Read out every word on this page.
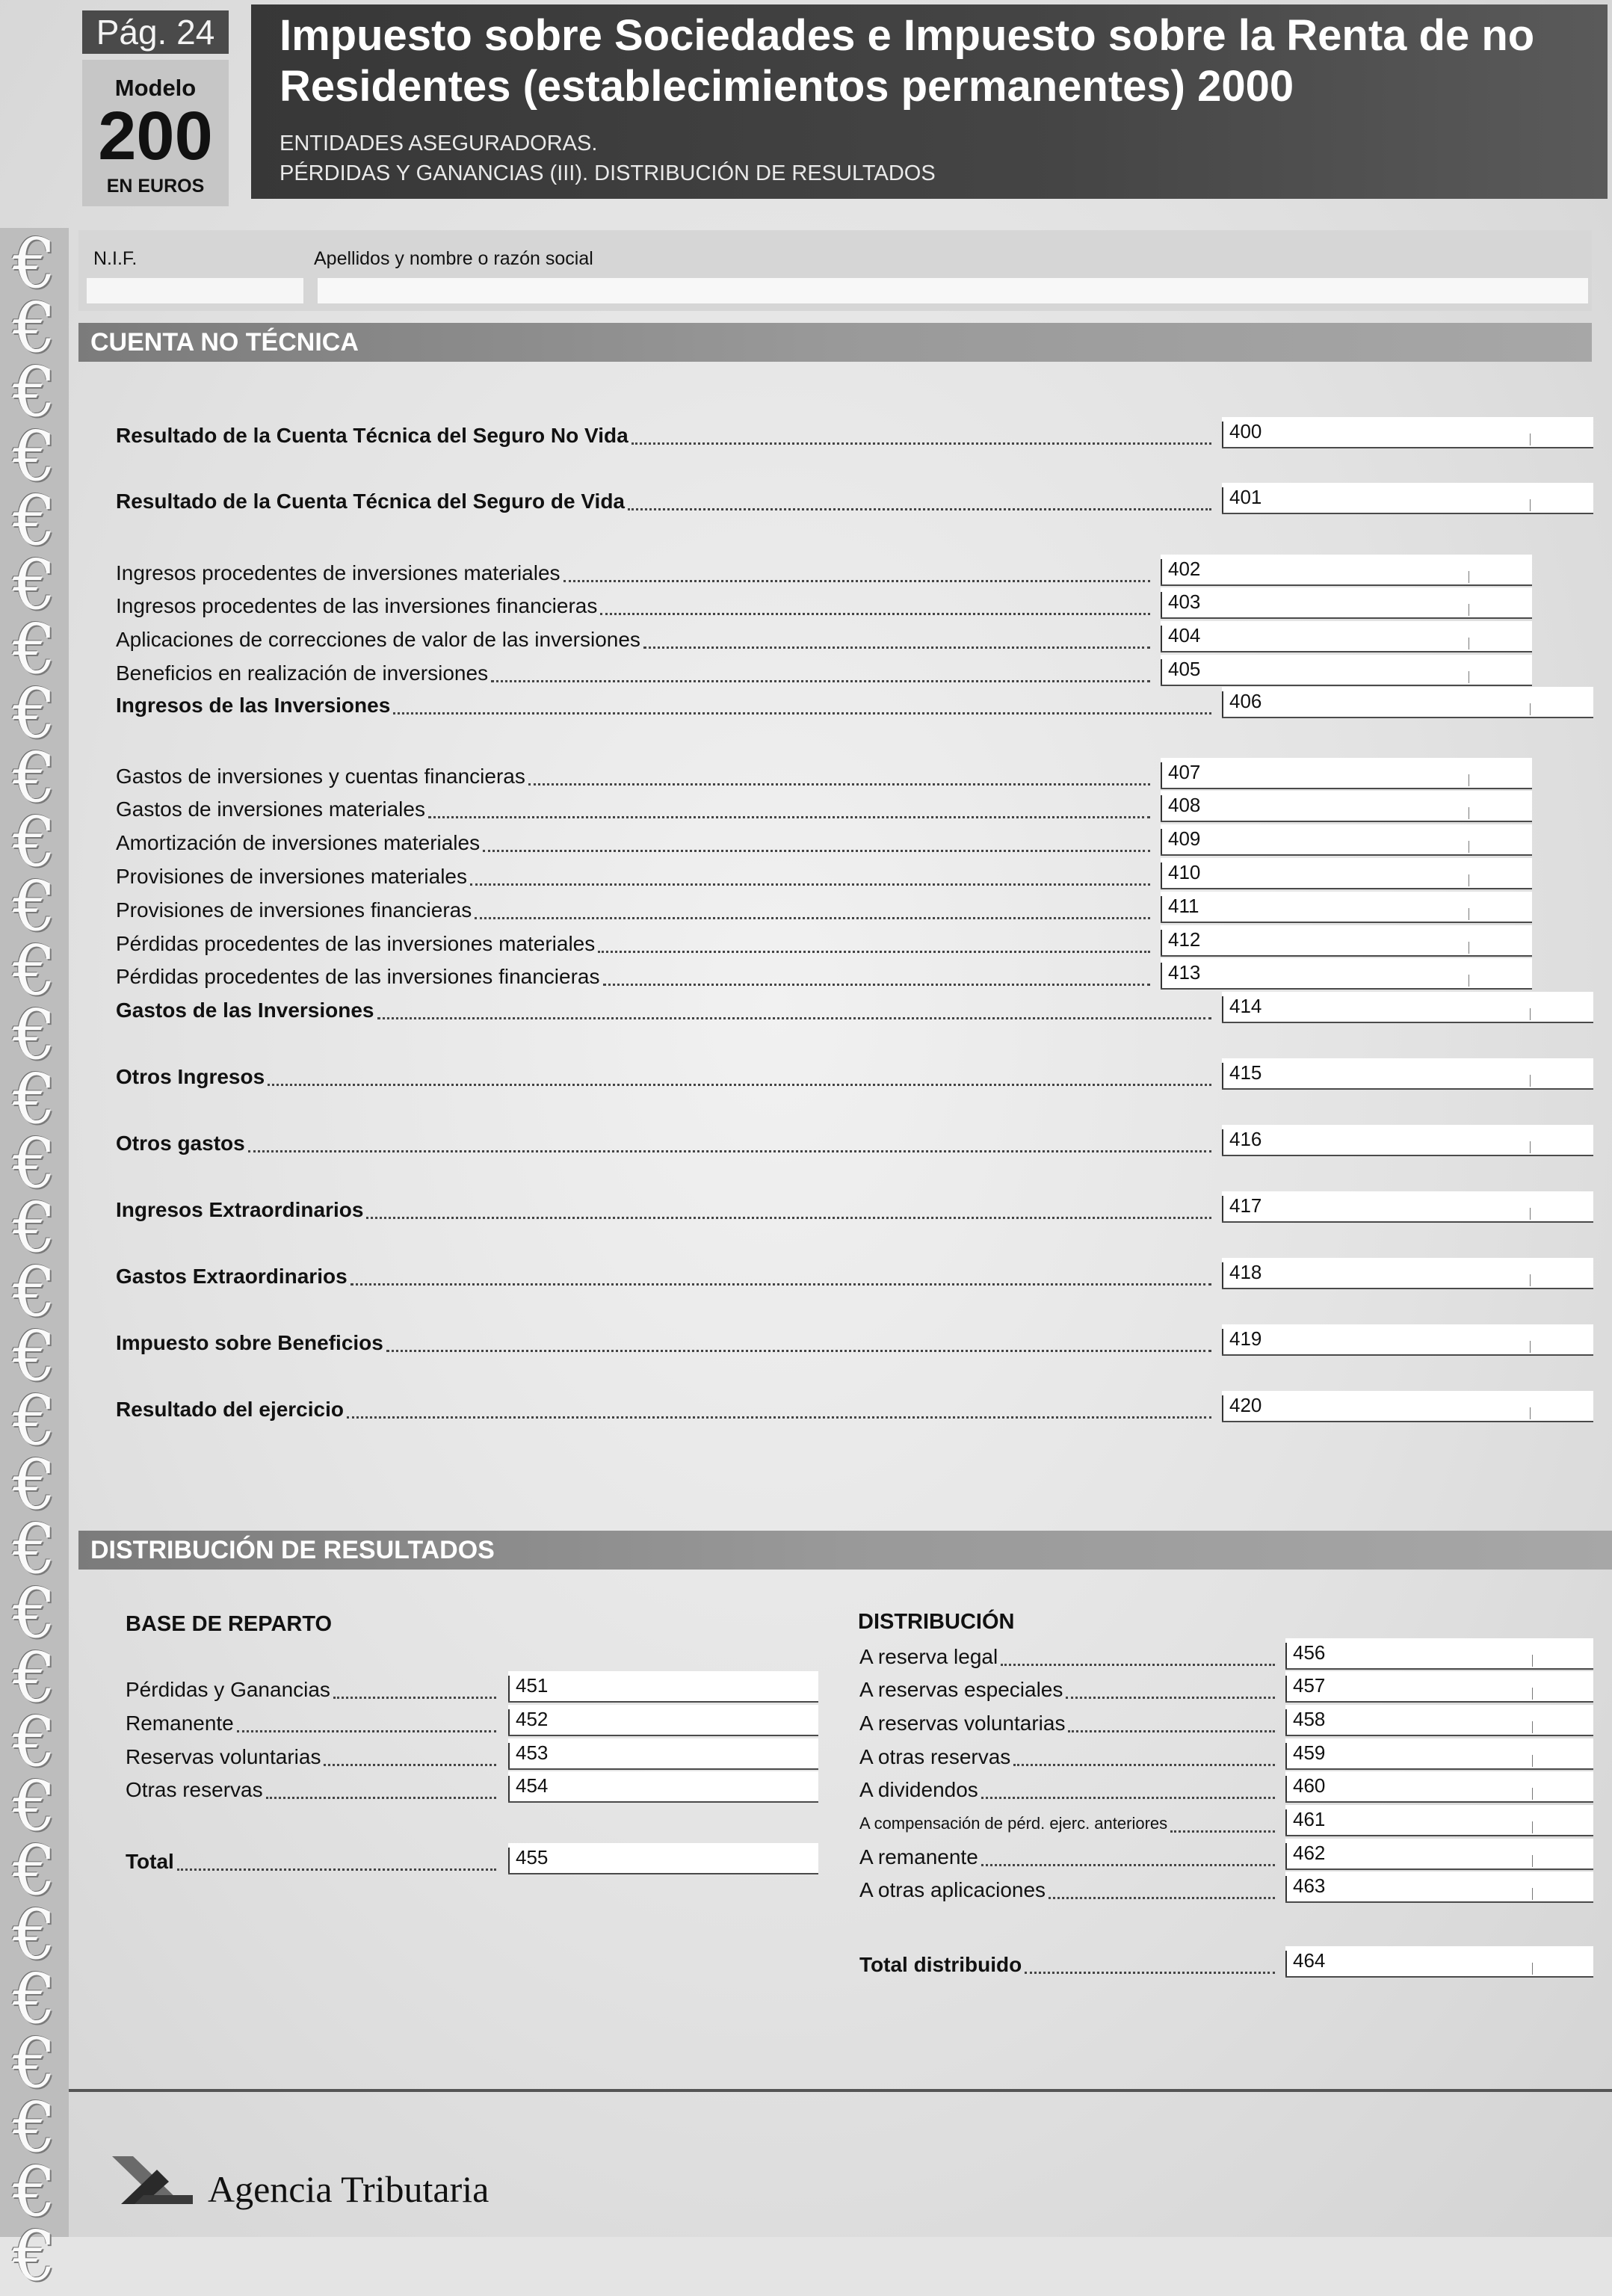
€
€
€
€
€
€
€
€
€
€
€
€
€
€
€
€
€
€
€
€
€
€
€
€
€
€
€
€
€
€
€
€
Pág. 24
Modelo
200
EN EUROS
Impuesto sobre Sociedades e Impuesto sobre la Renta de no Residentes (establecimientos permanentes) 2000
ENTIDADES ASEGURADORAS.
PÉRDIDAS Y GANANCIAS (III). DISTRIBUCIÓN DE RESULTADOS
N.I.F.	Apellidos y nombre o razón social
CUENTA NO TÉCNICA
Resultado de la Cuenta Técnica del Seguro No Vida	400
Resultado de la Cuenta Técnica del Seguro de Vida	401
Ingresos procedentes de inversiones materiales	402
Ingresos procedentes de las inversiones financieras	403
Aplicaciones de correcciones de valor de las inversiones	404
Beneficios en realización de inversiones	405
Ingresos de las Inversiones	406
Gastos de inversiones y cuentas financieras	407
Gastos de inversiones materiales	408
Amortización de inversiones materiales	409
Provisiones de inversiones materiales	410
Provisiones de inversiones financieras	411
Pérdidas procedentes de las inversiones materiales	412
Pérdidas procedentes de las inversiones financieras	413
Gastos de las Inversiones	414
Otros Ingresos	415
Otros gastos	416
Ingresos Extraordinarios	417
Gastos Extraordinarios	418
Impuesto sobre Beneficios	419
Resultado del ejercicio	420
DISTRIBUCIÓN DE RESULTADOS
BASE DE REPARTO	DISTRIBUCIÓN
Pérdidas y Ganancias	451
Remanente	452
Reservas voluntarias	453
Otras reservas	454
Total	455
A reserva legal	456
A reservas especiales	457
A reservas voluntarias	458
A otras reservas	459
A dividendos	460
A compensación de pérd. ejerc. anteriores	461
A remanente	462
A otras aplicaciones	463
Total distribuido	464
Agencia Tributaria
